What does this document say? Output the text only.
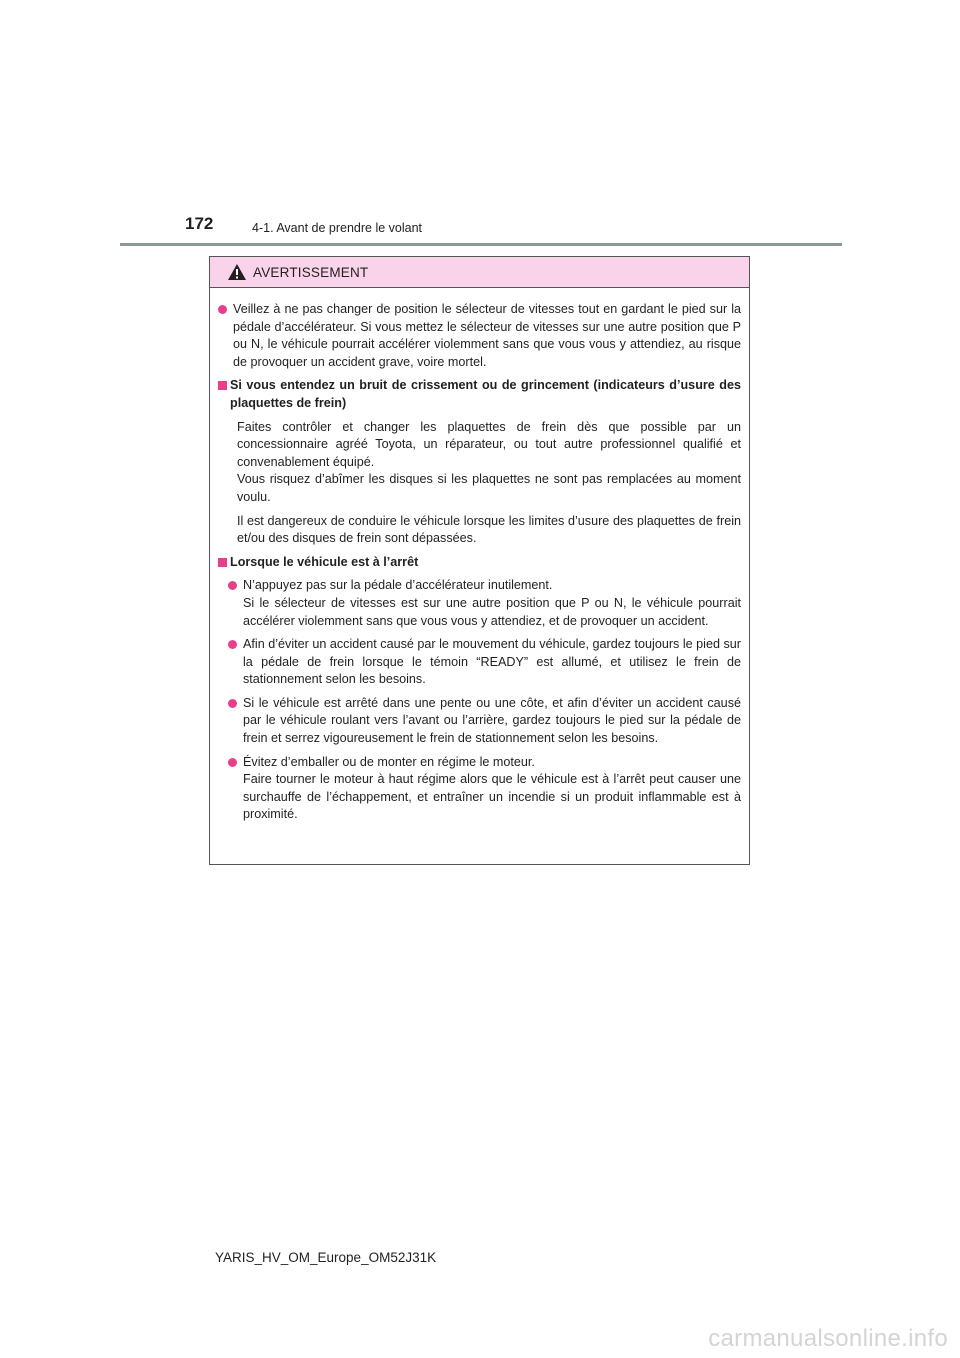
172	4-1. Avant de prendre le volant
AVERTISSEMENT

Veillez à ne pas changer de position le sélecteur de vitesses tout en gardant le pied sur la pédale d’accélérateur. Si vous mettez le sélecteur de vitesses sur une autre position que P ou N, le véhicule pourrait accélérer violemment sans que vous vous y attendiez, au risque de provoquer un accident grave, voire mortel.

Si vous entendez un bruit de crissement ou de grincement (indicateurs d’usure des plaquettes de frein)

Faites contrôler et changer les plaquettes de frein dès que possible par un concessionnaire agréé Toyota, un réparateur, ou tout autre professionnel qualifié et convenablement équipé.

Vous risquez d’abîmer les disques si les plaquettes ne sont pas remplacées au moment voulu.

Il est dangereux de conduire le véhicule lorsque les limites d’usure des plaquettes de frein et/ou des disques de frein sont dépassées.

Lorsque le véhicule est à l’arrêt

N’appuyez pas sur la pédale d’accélérateur inutilement.

Si le sélecteur de vitesses est sur une autre position que P ou N, le véhicule pourrait accélérer violemment sans que vous vous y attendiez, et de provoquer un accident.

Afin d’éviter un accident causé par le mouvement du véhicule, gardez toujours le pied sur la pédale de frein lorsque le témoin “READY” est allumé, et utilisez le frein de stationnement selon les besoins.

Si le véhicule est arrêté dans une pente ou une côte, et afin d’éviter un accident causé par le véhicule roulant vers l’avant ou l’arrière, gardez toujours le pied sur la pédale de frein et serrez vigoureusement le frein de stationnement selon les besoins.

Évitez d’emballer ou de monter en régime le moteur.

Faire tourner le moteur à haut régime alors que le véhicule est à l’arrêt peut causer une surchauffe de l’échappement, et entraîner un incendie si un produit inflammable est à proximité.

YARIS_HV_OM_Europe_OM52J31K
carmanualsonline.info
